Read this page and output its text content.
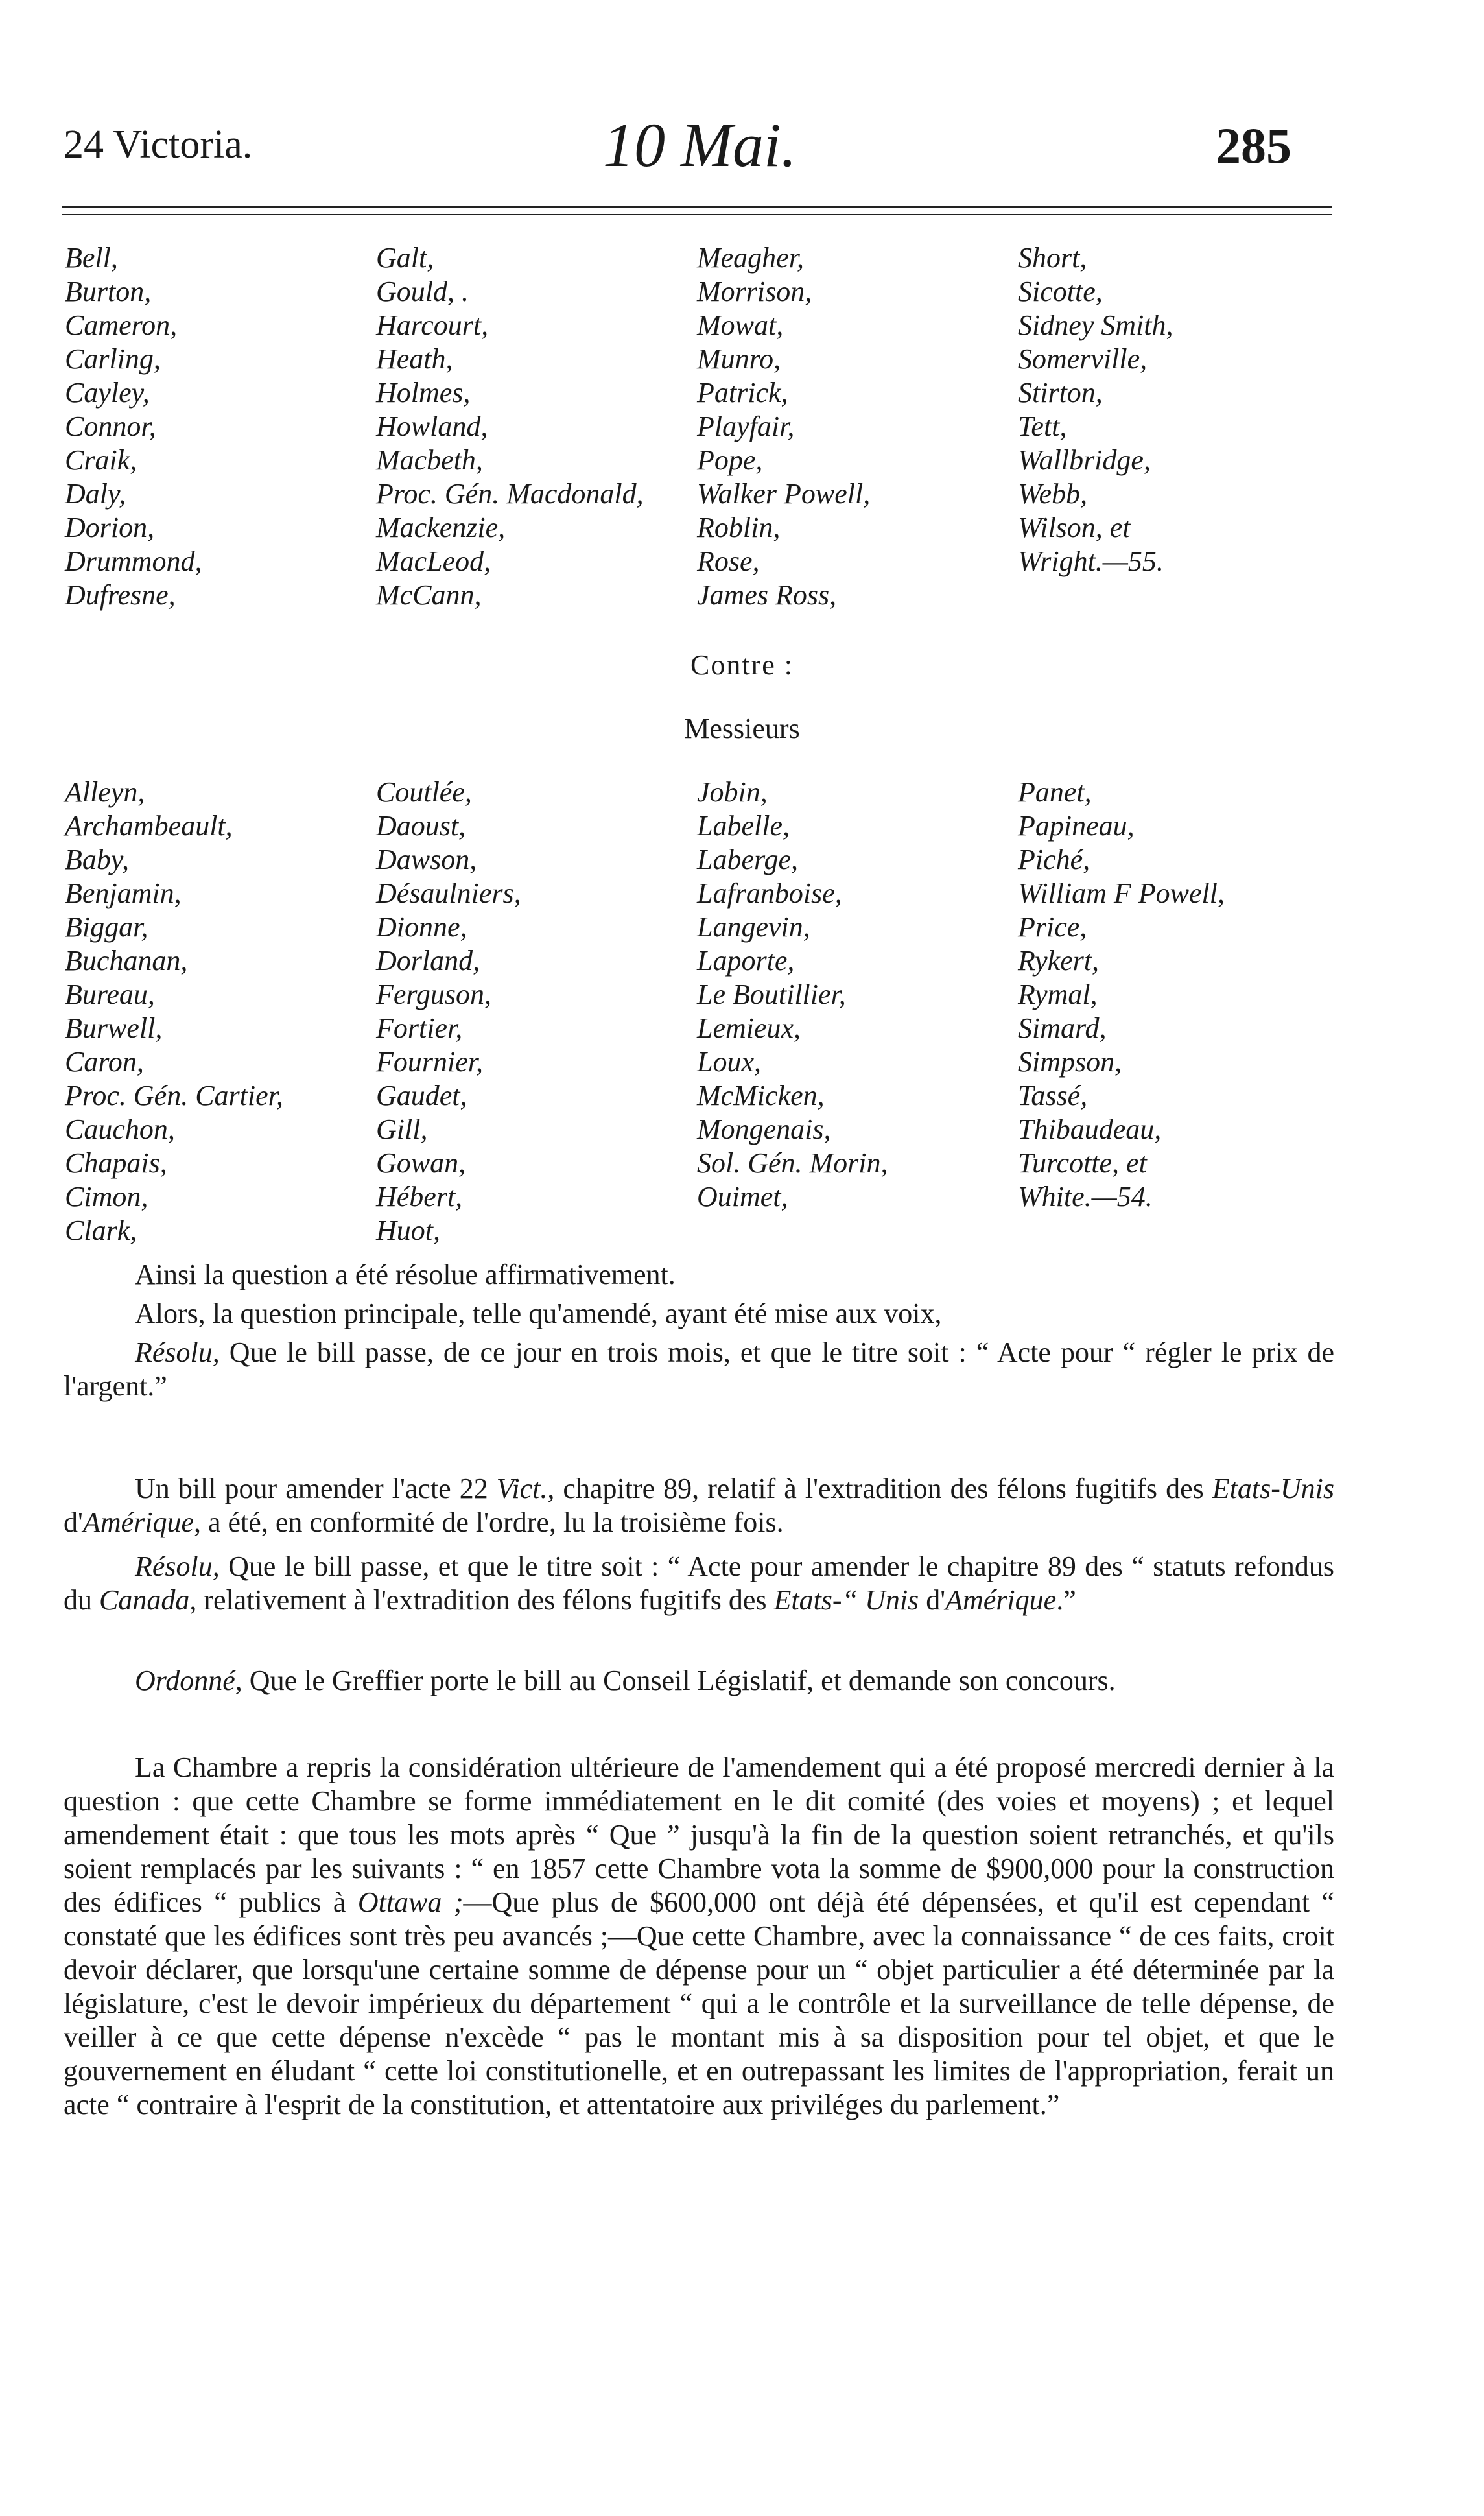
24 Victoria.	10 Mai.	285
Bell,
Burton,
Cameron,
Carling,
Cayley,
Connor,
Craik,
Daly,
Dorion,
Drummond,
Dufresne,
Galt,
Gould, .
Harcourt,
Heath,
Holmes,
Howland,
Macbeth,
Proc. Gén. Macdonald,
Mackenzie,
MacLeod,
McCann,
Meagher,
Morrison,
Mowat,
Munro,
Patrick,
Playfair,
Pope,
Walker Powell,
Roblin,
Rose,
James Ross,
Short,
Sicotte,
Sidney Smith,
Somerville,
Stirton,
Tett,
Wallbridge,
Webb,
Wilson, et
Wright.—55.
Contre :
Messieurs
Alleyn,
Archambeault,
Baby,
Benjamin,
Biggar,
Buchanan,
Bureau,
Burwell,
Caron,
Proc. Gén. Cartier,
Cauchon,
Chapais,
Cimon,
Clark,
Coutlée,
Daoust,
Dawson,
Désaulniers,
Dionne,
Dorland,
Ferguson,
Fortier,
Fournier,
Gaudet,
Gill,
Gowan,
Hébert,
Huot,
Jobin,
Labelle,
Laberge,
Lafranboise,
Langevin,
Laporte,
Le Boutillier,
Lemieux,
Loux,
McMicken,
Mongenais,
Sol. Gén. Morin,
Ouimet,
Panet,
Papineau,
Piché,
William F Powell,
Price,
Rykert,
Rymal,
Simard,
Simpson,
Tassé,
Thibaudeau,
Turcotte, et
White.—54.
Ainsi la question a été résolue affirmativement.
Alors, la question principale, telle qu'amendé, ayant été mise aux voix,
Résolu, Que le bill passe, de ce jour en trois mois, et que le titre soit : “ Acte pour “ régler le prix de l'argent.”
Un bill pour amender l'acte 22 Vict., chapitre 89, relatif à l'extradition des félons fugitifs des Etats-Unis d'Amérique, a été, en conformité de l'ordre, lu la troisième fois.
Résolu, Que le bill passe, et que le titre soit : “ Acte pour amender le chapitre 89 des “ statuts refondus du Canada, relativement à l'extradition des félons fugitifs des Etats-“ Unis d'Amérique.”
Ordonné, Que le Greffier porte le bill au Conseil Législatif, et demande son concours.
La Chambre a repris la considération ultérieure de l'amendement qui a été proposé mercredi dernier à la question : que cette Chambre se forme immédiatement en le dit comité (des voies et moyens) ; et lequel amendement était : que tous les mots après “ Que ” jusqu'à la fin de la question soient retranchés, et qu'ils soient remplacés par les suivants : “ en 1857 cette Chambre vota la somme de $900,000 pour la construction des édifices “ publics à Ottawa ;—Que plus de $600,000 ont déjà été dépensées, et qu'il est cependant “ constaté que les édifices sont très peu avancés ;—Que cette Chambre, avec la connaissance “ de ces faits, croit devoir déclarer, que lorsqu'une certaine somme de dépense pour un “ objet particulier a été déterminée par la législature, c'est le devoir impérieux du département “ qui a le contrôle et la surveillance de telle dépense, de veiller à ce que cette dépense n'excède “ pas le montant mis à sa disposition pour tel objet, et que le gouvernement en éludant “ cette loi constitutionelle, et en outrepassant les limites de l'appropriation, ferait un acte “ contraire à l'esprit de la constitution, et attentatoire aux priviléges du parlement.”
